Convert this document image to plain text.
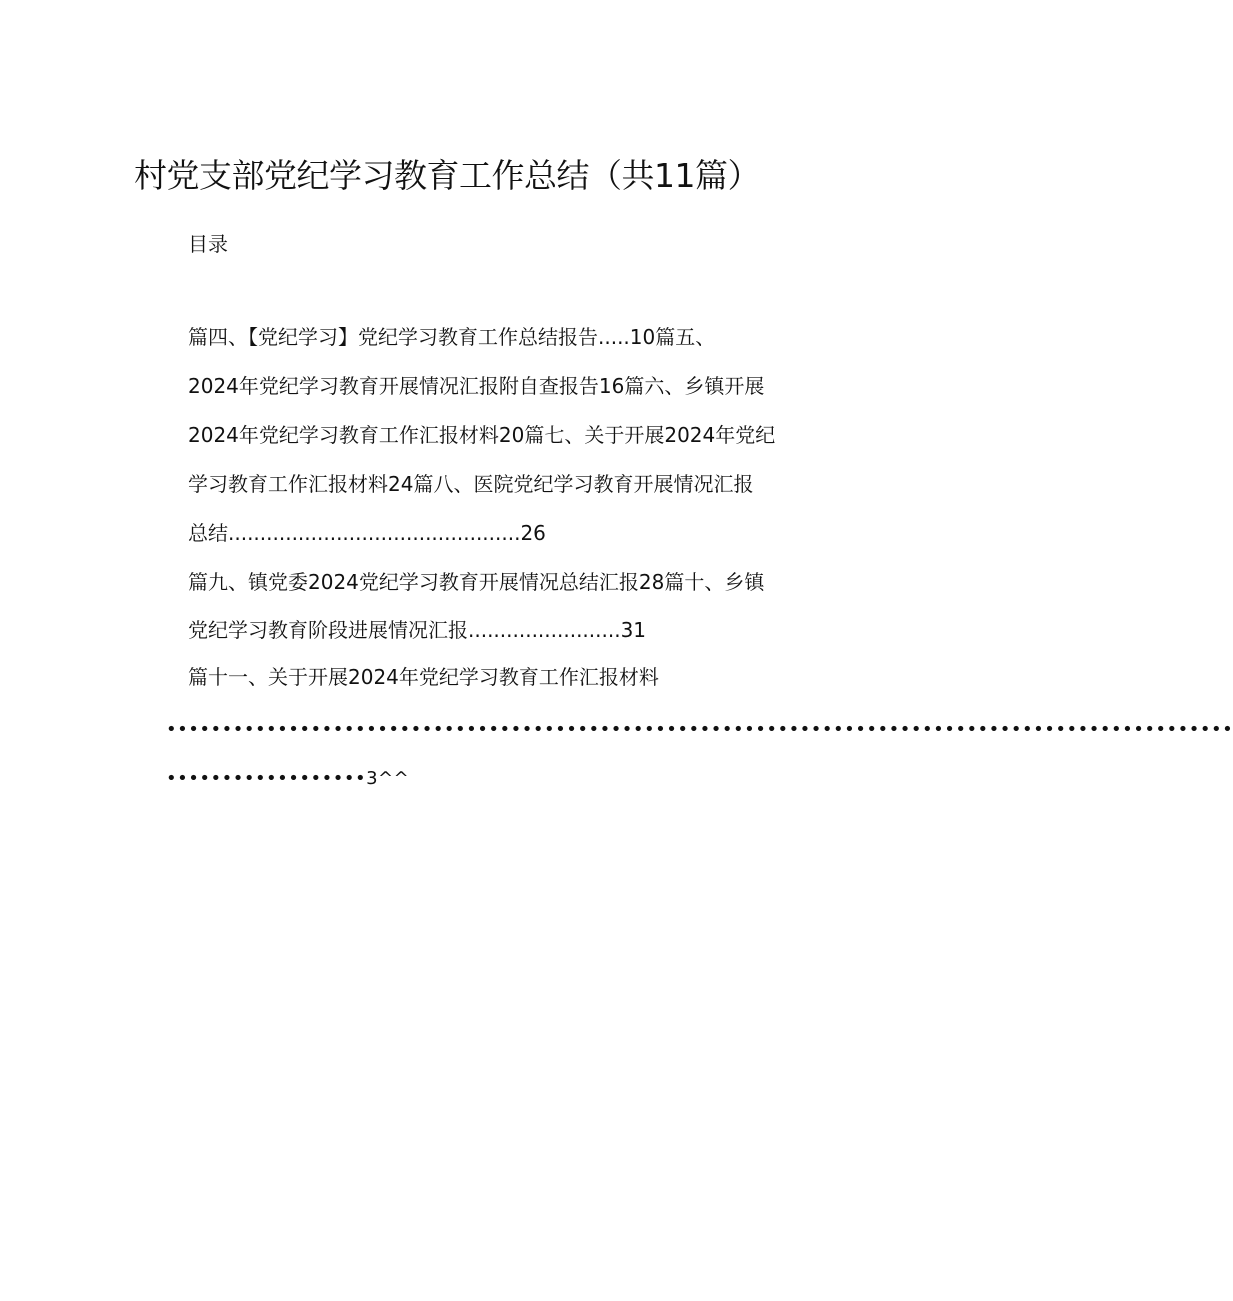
村党支部党纪学习教育工作总结（共11篇）
目录
篇四、【党纪学习】党纪学习教育工作总结报告.....10篇五、
2024年党纪学习教育开展情况汇报附自查报告16篇六、乡镇开展
2024年党纪学习教育工作汇报材料20篇七、关于开展2024年党纪
学习教育工作汇报材料24篇八、医院党纪学习教育开展情况汇报
总结..............................................26
篇九、镇党委2024党纪学习教育开展情况总结汇报28篇十、乡镇
党纪学习教育阶段进展情况汇报........................31
篇十一、关于开展2024年党纪学习教育工作汇报材料
••••••••••••••••••••••••••••••••••••••••••••••••••••••••••••••••••••••••••••••••••••••••••••••••
••••••••••••••••••3^^
